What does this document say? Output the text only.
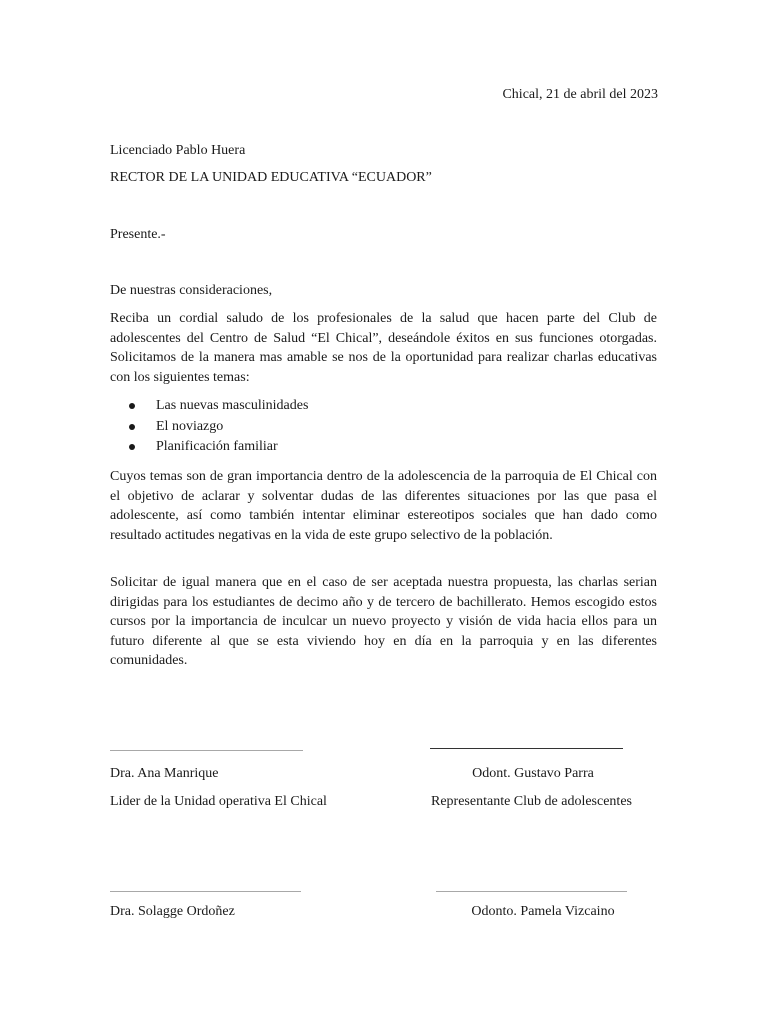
Chical, 21 de abril del 2023
Licenciado Pablo Huera
RECTOR DE LA UNIDAD EDUCATIVA “ECUADOR”
Presente.-
De nuestras consideraciones,
Reciba un cordial saludo de los profesionales de la salud que hacen parte del Club de adolescentes del Centro de Salud “El Chical”, deseándole éxitos en sus funciones otorgadas. Solicitamos de la manera mas amable se nos de la oportunidad para realizar charlas educativas con los siguientes temas:
Las nuevas masculinidades
El noviazgo
Planificación familiar
Cuyos temas son de gran importancia dentro de la adolescencia de la parroquia de El Chical con el objetivo de aclarar y solventar dudas de las diferentes situaciones por las que pasa el adolescente, así como también intentar eliminar estereotipos sociales que han dado como resultado actitudes negativas en la vida de este grupo selectivo de la población.
Solicitar de igual manera que en el caso de ser aceptada nuestra propuesta, las charlas serian dirigidas para los estudiantes de decimo año y de tercero de bachillerato. Hemos escogido estos cursos por la importancia de inculcar un nuevo proyecto y visión de vida hacia ellos para un futuro diferente al que se esta viviendo hoy en día en la parroquia y en las diferentes comunidades.
Dra. Ana Manrique	Odont. Gustavo Parra
Lider de la Unidad operativa El Chical	Representante Club de adolescentes
Dra. Solagge Ordoñez	Odonto. Pamela Vizcaino
